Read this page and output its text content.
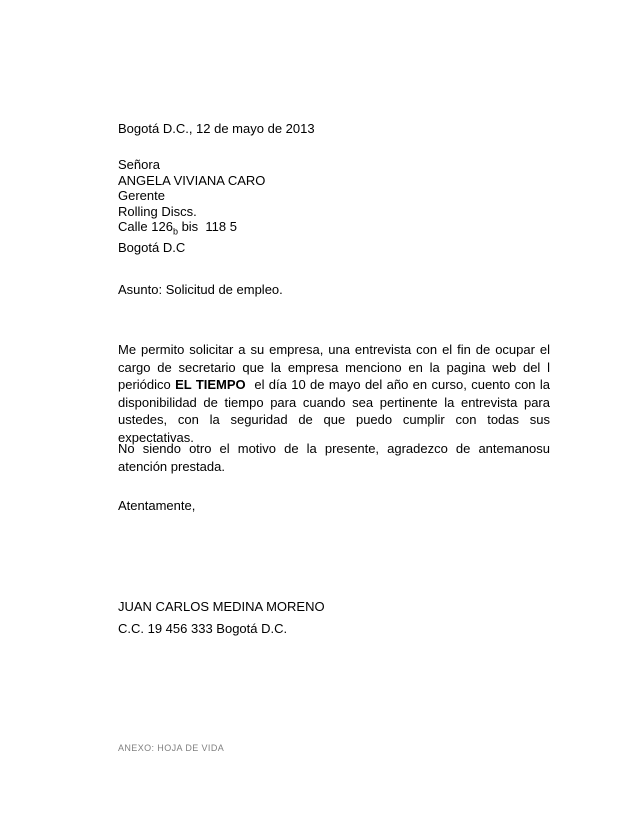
Bogotá D.C., 12 de mayo de 2013
Señora
ANGELA VIVIANA CARO
Gerente
Rolling Discs.
Calle $126_b$ bis  118 5
Bogotá D.C
Asunto: Solicitud de empleo.
Me permito solicitar a su empresa, una entrevista con el fin de ocupar el cargo de secretario que la empresa menciono en la pagina web del l periódico EL TIEMPO  el día 10 de mayo del año en curso, cuento con la disponibilidad de tiempo para cuando sea pertinente la entrevista para ustedes, con la seguridad de que puedo cumplir con todas sus expectativas.
No siendo otro el motivo de la presente, agradezco de antemanosu atención prestada.
Atentamente,
JUAN CARLOS MEDINA MORENO
C.C. 19 456 333 Bogotá D.C.
ANEXO: HOJA DE VIDA
